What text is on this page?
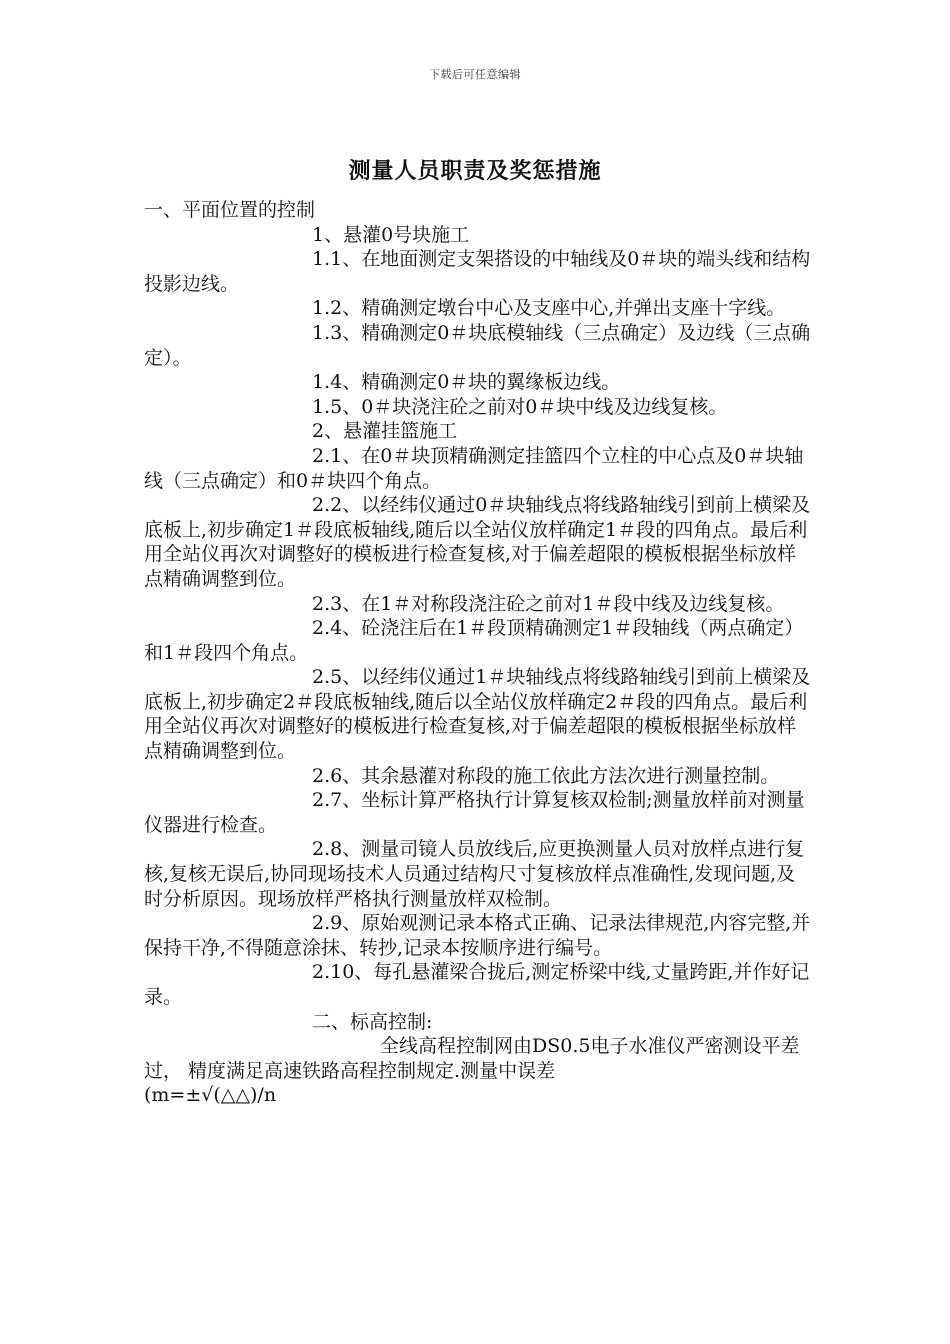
下载后可任意编辑
测量人员职责及奖惩措施

一、平面位置的控制

1、悬灌0号块施工

1.1、在地面测定支架搭设的中轴线及0＃块的端头线和结构投影边线。

1.2、精确测定墩台中心及支座中心,并弹出支座十字线。

1.3、精确测定0＃块底模轴线（三点确定）及边线（三点确定）。

1.4、精确测定0＃块的翼缘板边线。

1.5、0＃块浇注砼之前对0＃块中线及边线复核。

2、悬灌挂篮施工

2.1、在0＃块顶精确测定挂篮四个立柱的中心点及0＃块轴线（三点确定）和0＃块四个角点。

2.2、以经纬仪通过0＃块轴线点将线路轴线引到前上横梁及底板上,初步确定1＃段底板轴线,随后以全站仪放样确定1＃段的四角点。最后利用全站仪再次对调整好的模板进行检查复核,对于偏差超限的模板根据坐标放样点精确调整到位。

2.3、在1＃对称段浇注砼之前对1＃段中线及边线复核。

2.4、砼浇注后在1＃段顶精确测定1＃段轴线（两点确定）和1＃段四个角点。

2.5、以经纬仪通过1＃块轴线点将线路轴线引到前上横梁及底板上,初步确定2＃段底板轴线,随后以全站仪放样确定2＃段的四角点。最后利用全站仪再次对调整好的模板进行检查复核,对于偏差超限的模板根据坐标放样点精确调整到位。

2.6、其余悬灌对称段的施工依此方法次进行测量控制。

2.7、坐标计算严格执行计算复核双检制;测量放样前对测量仪器进行检查。

2.8、测量司镜人员放线后,应更换测量人员对放样点进行复核,复核无误后,协同现场技术人员通过结构尺寸复核放样点准确性,发现问题,及时分析原因。现场放样严格执行测量放样双检制。

2.9、原始观测记录本格式正确、记录法律规范,内容完整,并保持干净,不得随意涂抹、转抄,记录本按顺序进行编号。

2.10、每孔悬灌梁合拢后,测定桥梁中线,丈量跨距,并作好记录。

二、标高控制:

全线高程控制网由DS0.5电子水准仪严密测设平差过， 精度满足高速铁路高程控制规定.测量中误差

(m=±√(△△)/n
